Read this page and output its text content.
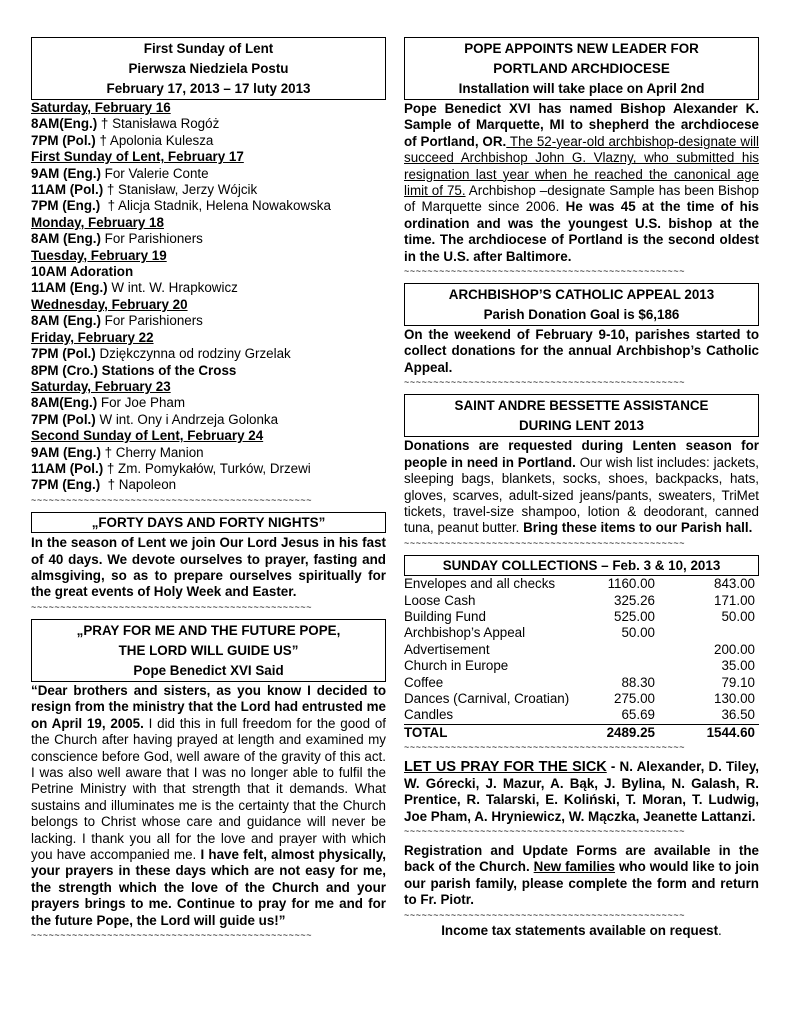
First Sunday of Lent
Pierwsza Niedziela Postu
February 17, 2013 – 17 luty 2013
Saturday, February 16
8AM(Eng.) † Stanisława Rogóż
7PM (Pol.) † Apolonia Kulesza
First Sunday of Lent, February 17
9AM (Eng.) For Valerie Conte
11AM (Pol.) † Stanisław, Jerzy Wójcik
7PM (Eng.)  † Alicja Stadnik, Helena Nowakowska
Monday, February 18
8AM (Eng.) For Parishioners
Tuesday, February 19
10AM Adoration
11AM (Eng.) W int. W. Hrapkowicz
Wednesday, February 20
8AM (Eng.) For Parishioners
Friday, February 22
7PM (Pol.) Dziękczynna od rodziny Grzelak
8PM (Cro.) Stations of the Cross
Saturday, February 23
8AM(Eng.) For Joe Pham
7PM (Pol.) W int. Ony i Andrzeja Golonka
Second Sunday of Lent, February 24
9AM (Eng.) † Cherry Manion
11AM (Pol.) † Zm. Pomykałów, Turków, Drzewi
7PM (Eng.)  † Napoleon
~~~~~~~~~~~~~~~~~~~~~~~~~~~~~~~~~~~~~~~~~~~~~~~~
„FORTY DAYS AND FORTY NIGHTS”
In the season of Lent we join Our Lord Jesus in his fast of 40 days. We devote ourselves to prayer, fasting and almsgiving, so as to prepare ourselves spiritually for the great events of Holy Week and Easter.
~~~~~~~~~~~~~~~~~~~~~~~~~~~~~~~~~~~~~~~~~~~~~~~~
„PRAY FOR ME AND THE FUTURE POPE,
THE LORD WILL GUIDE US”
Pope Benedict XVI Said
“Dear brothers and sisters, as you know I decided to resign from the ministry that the Lord had entrusted me on April 19, 2005. I did this in full freedom for the good of the Church after having prayed at length and examined my conscience before God, well aware of the gravity of this act. I was also well aware that I was no longer able to fulfil the Petrine Ministry with that strength that it demands. What sustains and illuminates me is the certainty that the Church belongs to Christ whose care and guidance will never be lacking. I thank you all for the love and prayer with which you have accompanied me. I have felt, almost physically, your prayers in these days which are not easy for me, the strength which the love of the Church and your prayers brings to me. Continue to pray for me and for the future Pope, the Lord will guide us!”
~~~~~~~~~~~~~~~~~~~~~~~~~~~~~~~~~~~~~~~~~~~~~~~~
POPE APPOINTS NEW LEADER FOR
PORTLAND ARCHDIOCESE
Installation will take place on April 2nd
Pope Benedict XVI has named Bishop Alexander K. Sample of Marquette, MI to shepherd the archdiocese of Portland, OR. The 52-year-old archbishop-designate will succeed Archbishop John G. Vlazny, who submitted his resignation last year when he reached the canonical age limit of 75. Archbishop –designate Sample has been Bishop of Marquette since 2006. He was 45 at the time of his ordination and was the youngest U.S. bishop at the time. The archdiocese of Portland is the second oldest in the U.S. after Baltimore.
~~~~~~~~~~~~~~~~~~~~~~~~~~~~~~~~~~~~~~~~~~~~~~~~
ARCHBISHOP’S CATHOLIC APPEAL 2013
Parish Donation Goal is $6,186
On the weekend of February 9-10, parishes started to collect donations for the annual Archbishop’s Catholic Appeal.
~~~~~~~~~~~~~~~~~~~~~~~~~~~~~~~~~~~~~~~~~~~~~~~~
SAINT ANDRE BESSETTE ASSISTANCE
DURING LENT 2013
Donations are requested during Lenten season for people in need in Portland. Our wish list includes: jackets, sleeping bags, blankets, socks, shoes, backpacks, hats, gloves, scarves, adult-sized jeans/pants, sweaters, TriMet tickets, travel-size shampoo, lotion & deodorant, canned tuna, peanut butter. Bring these items to our Parish hall.
~~~~~~~~~~~~~~~~~~~~~~~~~~~~~~~~~~~~~~~~~~~~~~~~
SUNDAY COLLECTIONS – Feb. 3 & 10, 2013
Envelopes and all checks	1160.00	843.00
Loose Cash	325.26	171.00
Building Fund	525.00	50.00
Archbishop’s Appeal	50.00	
Advertisement		200.00
Church in Europe		35.00
Coffee	88.30	79.10
Dances (Carnival, Croatian)	275.00	130.00
Candles	65.69	36.50
TOTAL	2489.25	1544.60
~~~~~~~~~~~~~~~~~~~~~~~~~~~~~~~~~~~~~~~~~~~~~~~~
LET US PRAY FOR THE SICK - N. Alexander, D. Tiley, W. Górecki, J. Mazur, A. Bąk, J. Bylina, N. Galash, R. Prentice, R. Talarski, E. Koliński, T. Moran, T. Ludwig, Joe Pham, A. Hryniewicz, W. Mączka, Jeanette Lattanzi.
~~~~~~~~~~~~~~~~~~~~~~~~~~~~~~~~~~~~~~~~~~~~~~~~
Registration and Update Forms are available in the back of the Church. New families who would like to join our parish family, please complete the form and return to Fr. Piotr.
~~~~~~~~~~~~~~~~~~~~~~~~~~~~~~~~~~~~~~~~~~~~~~~~
Income tax statements available on request.
